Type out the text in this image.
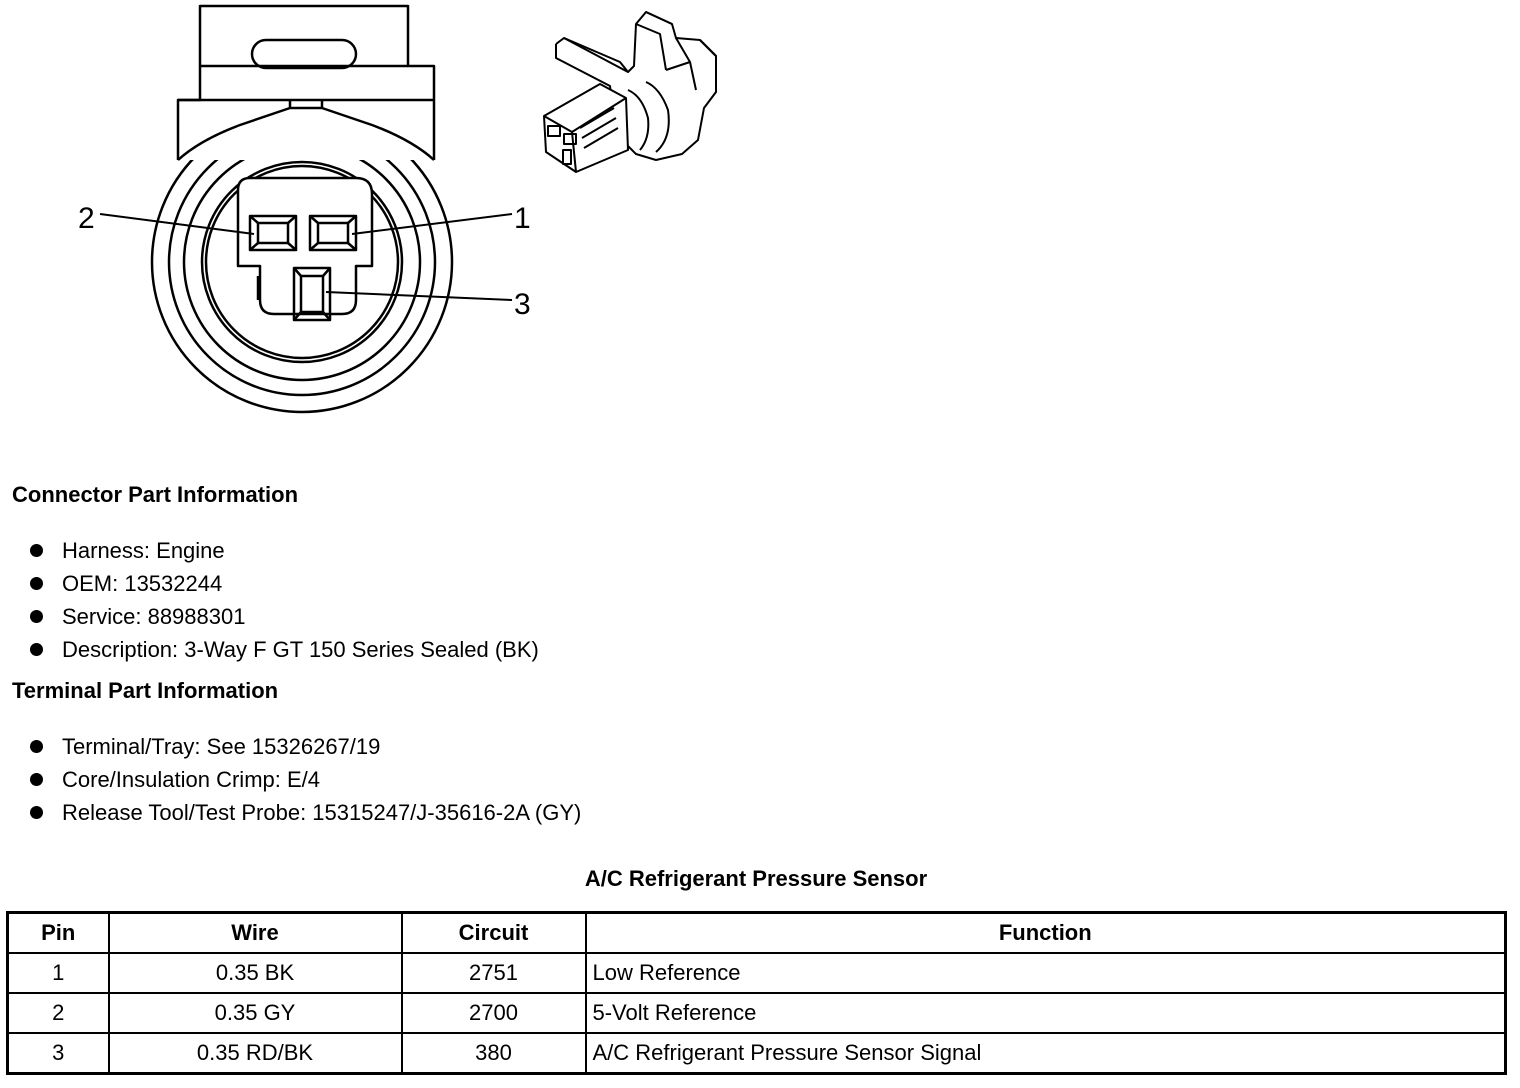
2	1
3
Connector Part Information
Harness: Engine
OEM: 13532244
Service: 88988301
Description: 3-Way F GT 150 Series Sealed (BK)
Terminal Part Information
Terminal/Tray: See 15326267/19
Core/Insulation Crimp: E/4
Release Tool/Test Probe: 15315247/J-35616-2A (GY)
A/C Refrigerant Pressure Sensor
Pin	Wire	Circuit	Function
1	0.35 BK	2751	Low Reference
2	0.35 GY	2700	5-Volt Reference
3	0.35 RD/BK	380	A/C Refrigerant Pressure Sensor Signal
